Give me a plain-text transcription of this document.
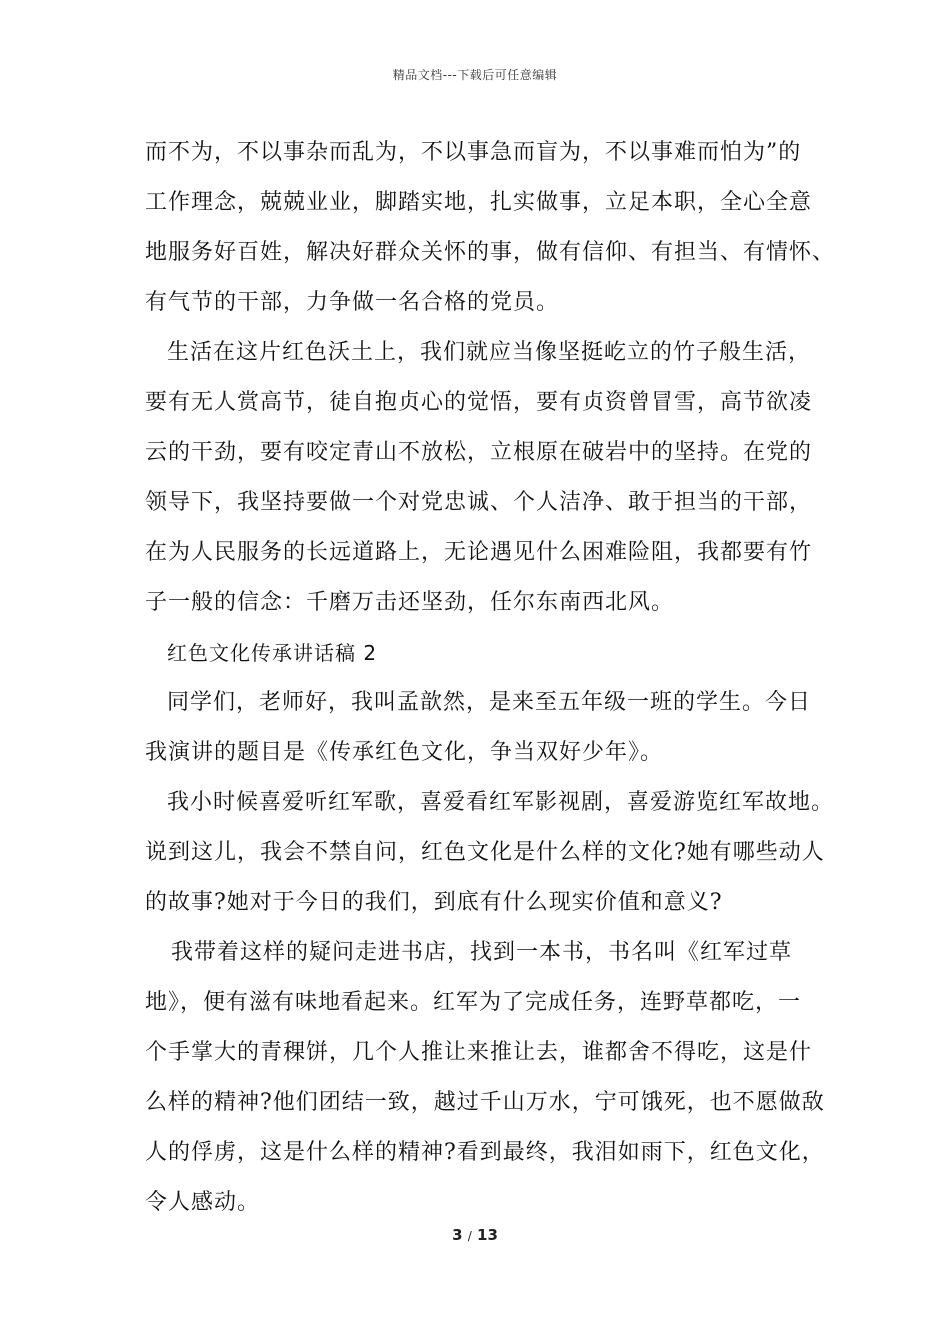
精品文档---下载后可任意编辑
而不为，不以事杂而乱为，不以事急而盲为，不以事难而怕为”的
工作理念，兢兢业业，脚踏实地，扎实做事，立足本职，全心全意
地服务好百姓，解决好群众关怀的事，做有信仰、有担当、有情怀、
有气节的干部，力争做一名合格的党员。
生活在这片红色沃土上，我们就应当像坚挺屹立的竹子般生活，
要有无人赏高节，徒自抱贞心的觉悟，要有贞资曾冒雪，高节欲凌
云的干劲，要有咬定青山不放松，立根原在破岩中的坚持。在党的
领导下，我坚持要做一个对党忠诚、个人洁净、敢于担当的干部，
在为人民服务的长远道路上，无论遇见什么困难险阻，我都要有竹
子一般的信念：千磨万击还坚劲，任尔东南西北风。
红色文化传承讲话稿 2
同学们，老师好，我叫孟歆然，是来至五年级一班的学生。今日
我演讲的题目是《传承红色文化，争当双好少年》。
我小时候喜爱听红军歌，喜爱看红军影视剧，喜爱游览红军故地。
说到这儿，我会不禁自问，红色文化是什么样的文化?她有哪些动人
的故事?她对于今日的我们，到底有什么现实价值和意义?
我带着这样的疑问走进书店，找到一本书，书名叫《红军过草
地》，便有滋有味地看起来。红军为了完成任务，连野草都吃，一
个手掌大的青稞饼，几个人推让来推让去，谁都舍不得吃，这是什
么样的精神?他们团结一致，越过千山万水，宁可饿死，也不愿做敌
人的俘虏，这是什么样的精神?看到最终，我泪如雨下，红色文化，
令人感动。
3 / 13
